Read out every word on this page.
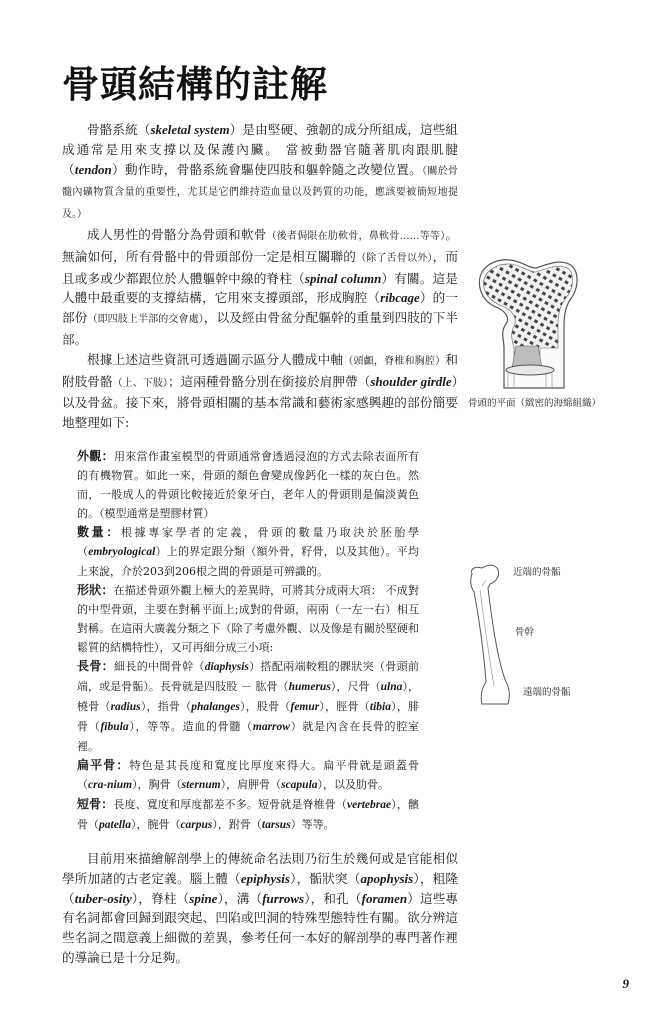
骨頭結構的註解

骨骼系統（skeletal system）是由堅硬、強韌的成分所組成，這些組成通常是用來支撐以及保護內臟。 當被動器官隨著肌肉跟肌腱（tendon）動作時，骨骼系統會驅使四肢和軀幹隨之改變位置。（關於骨髓內礦物質含量的重要性，尤其是它們維持造血量以及鈣質的功能，應該要被簡短地提及。）

成人男性的骨骼分為骨頭和軟骨（後者侷限在肋軟骨，鼻軟骨……等等）。無論如何，所有骨骼中的骨頭部份一定是相互關聯的（除了舌骨以外），而且或多或少都跟位於人體軀幹中線的脊柱（spinal column）有關。這是人體中最重要的支撐結構，它用來支撐頭部，形成胸腔（ribcage）的一部份（即四肢上半部的交會處），以及經由骨盆分配軀幹的重量到四肢的下半部。

根據上述這些資訊可透過圖示區分人體成中軸（頭顱，脊椎和胸腔）和附肢骨骼（上、下肢）；這兩種骨骼分別在銜接於肩胛帶（shoulder girdle）以及骨盆。接下來，將骨頭相關的基本常識和藝術家感興趣的部份簡要地整理如下:

外觀：用來當作畫室模型的骨頭通常會透過浸泡的方式去除表面所有的有機物質。如此一來，骨頭的顏色會變成像鈣化一樣的灰白色。然而，一般成人的骨頭比較接近於象牙白，老年人的骨頭則是偏淡黃色的。（模型通常是塑膠材質）

數量：根據專家學者的定義，骨頭的數量乃取決於胚胎學（embryological）上的界定跟分類（額外骨，籽骨，以及其他）。平均上來說，介於203到206根之間的骨頭是可辨識的。

形狀：在描述骨頭外觀上極大的差異時，可將其分成兩大項： 不成對的中型骨頭，主要在對稱平面上;成對的骨頭，兩兩（一左一右）相互對稱。在這兩大廣義分類之下（除了考慮外觀、以及像是有關於堅硬和鬆質的結構特性），又可再細分成三小項:

長骨：細長的中間骨幹（diaphysis）搭配兩端較粗的髁狀突（骨頭前端，或是骨骺）。長骨就是四肢股 － 肱骨（humerus），尺骨（ulna），橈骨（radius），指骨（phalanges），股骨（femur），脛骨（tibia），腓骨（fibula），等等。造血的骨髓（marrow）就是內含在長骨的腔室裡。

扁平骨：特色是其長度和寬度比厚度來得大。扁平骨就是頭蓋骨（cra-nium），胸骨（sternum），肩胛骨（scapula），以及肋骨。

短骨：長度、寬度和厚度都差不多。短骨就是脊椎骨（vertebrae），髕骨（patella），腕骨（carpus），跗骨（tarsus）等等。

目前用來描繪解剖學上的傳統命名法則乃衍生於幾何或是官能相似學所加諸的古老定義。腦上體（epiphysis），骺狀突（apophysis），粗隆（tuber-osity），脊柱（spine），溝（furrows），和孔（foramen）這些專有名詞都會回歸到跟突起、凹陷或凹洞的特殊型態特性有關。欲分辨這些名詞之間意義上細微的差異，參考任何一本好的解剖學的專門著作裡的導論已是十分足夠。

骨頭的平面（緻密的海綿組織）
近端的骨骺
骨幹
遠端的骨骺
9
